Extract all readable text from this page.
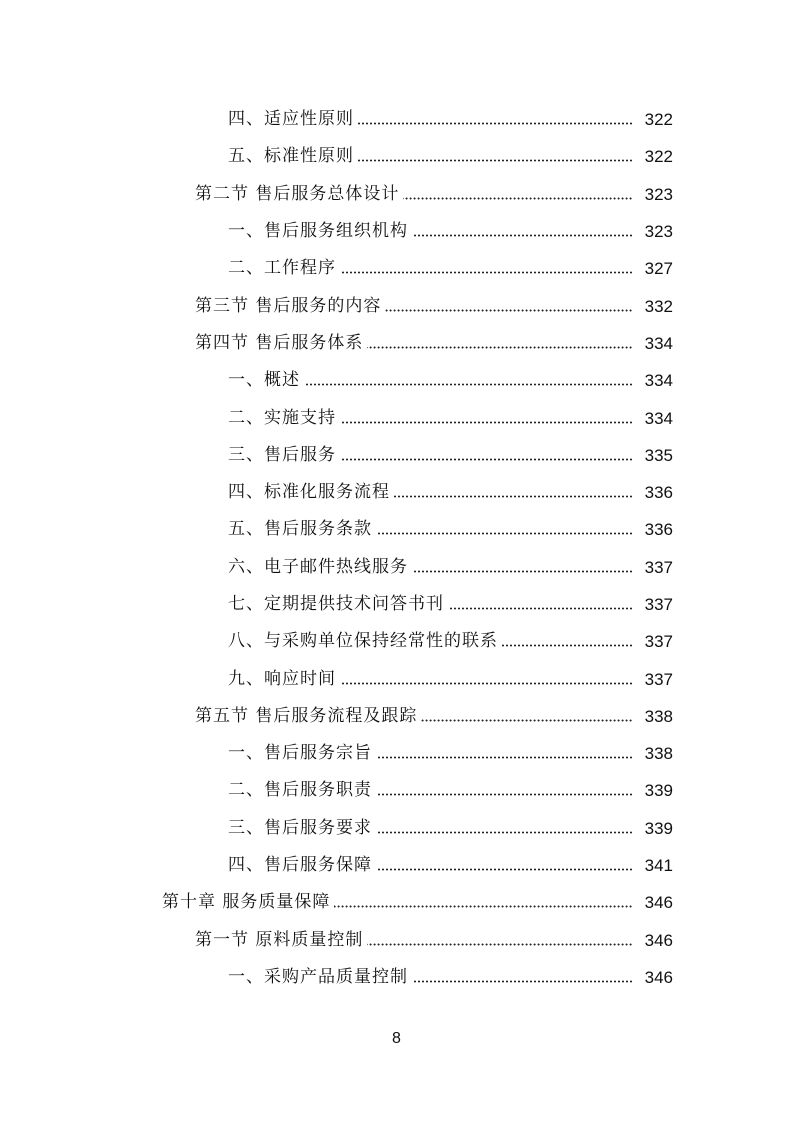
四、适应性原则	322
五、标准性原则	322
第二节 售后服务总体设计	323
一、售后服务组织机构	323
二、工作程序	327
第三节 售后服务的内容	332
第四节 售后服务体系	334
一、概述	334
二、实施支持	334
三、售后服务	335
四、标准化服务流程	336
五、售后服务条款	336
六、电子邮件热线服务	337
七、定期提供技术问答书刊	337
八、与采购单位保持经常性的联系	337
九、响应时间	337
第五节 售后服务流程及跟踪	338
一、售后服务宗旨	338
二、售后服务职责	339
三、售后服务要求	339
四、售后服务保障	341
第十章 服务质量保障	346
第一节 原料质量控制	346
一、采购产品质量控制	346
8
